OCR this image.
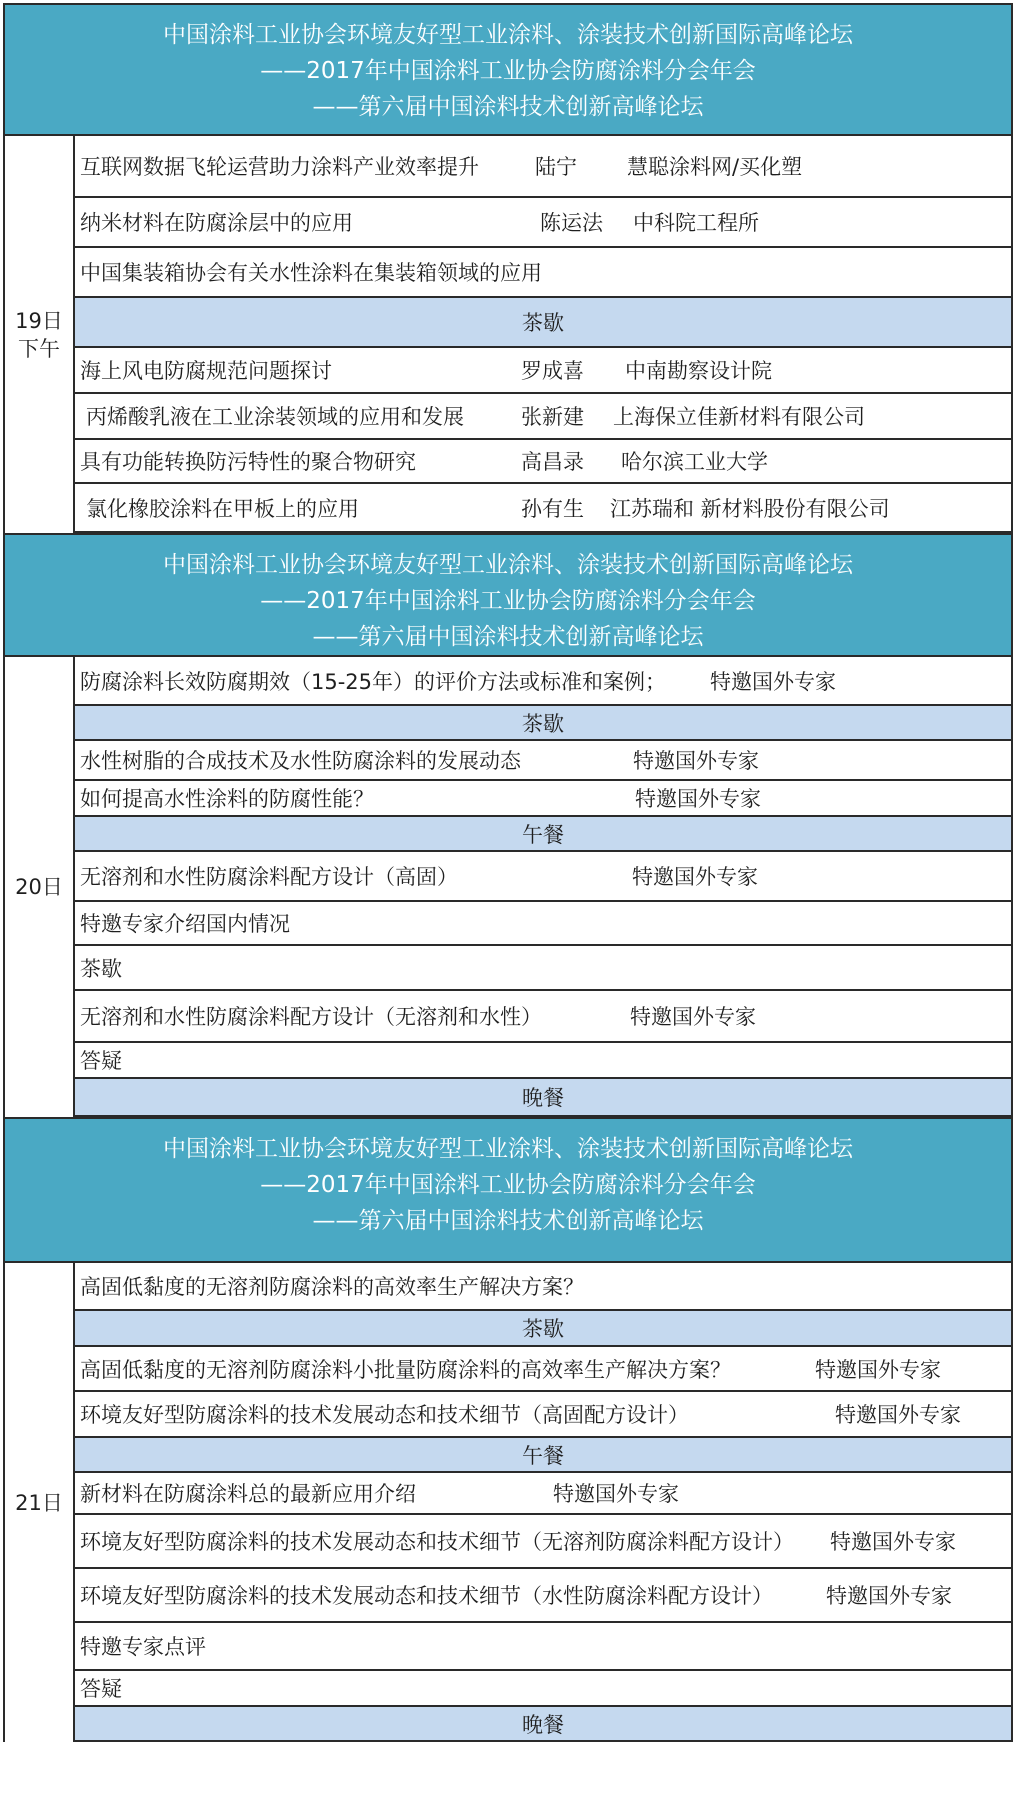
中国涂料工业协会环境友好型工业涂料、涂装技术创新国际高峰论坛
——2017年中国涂料工业协会防腐涂料分会年会
——第六届中国涂料技术创新高峰论坛
19日
下午
互联网数据飞轮运营助力涂料产业效率提升	陆宁 慧聪涂料网/买化塑
纳米材料在防腐涂层中的应用	陈运法 中科院工程所
中国集装箱协会有关水性涂料在集装箱领域的应用
茶歇
海上风电防腐规范问题探讨	罗成喜 中南勘察设计院
丙烯酸乳液在工业涂装领域的应用和发展	张新建 上海保立佳新材料有限公司
具有功能转换防污特性的聚合物研究	高昌录 哈尔滨工业大学
氯化橡胶涂料在甲板上的应用	孙有生 江苏瑞和 新材料股份有限公司
中国涂料工业协会环境友好型工业涂料、涂装技术创新国际高峰论坛
——2017年中国涂料工业协会防腐涂料分会年会
——第六届中国涂料技术创新高峰论坛
20日
防腐涂料长效防腐期效（15-25年）的评价方法或标准和案例； 特邀国外专家
茶歇
水性树脂的合成技术及水性防腐涂料的发展动态	特邀国外专家
如何提高水性涂料的防腐性能？	特邀国外专家
午餐
无溶剂和水性防腐涂料配方设计（高固）	特邀国外专家
特邀专家介绍国内情况
茶歇
无溶剂和水性防腐涂料配方设计（无溶剂和水性）	特邀国外专家
答疑
晚餐
中国涂料工业协会环境友好型工业涂料、涂装技术创新国际高峰论坛
——2017年中国涂料工业协会防腐涂料分会年会
——第六届中国涂料技术创新高峰论坛
21日
高固低黏度的无溶剂防腐涂料的高效率生产解决方案？
茶歇
高固低黏度的无溶剂防腐涂料小批量防腐涂料的高效率生产解决方案？	特邀国外专家
环境友好型防腐涂料的技术发展动态和技术细节（高固配方设计）	特邀国外专家
午餐
新材料在防腐涂料总的最新应用介绍	特邀国外专家
环境友好型防腐涂料的技术发展动态和技术细节（无溶剂防腐涂料配方设计） 特邀国外专家
环境友好型防腐涂料的技术发展动态和技术细节（水性防腐涂料配方设计）	特邀国外专家
特邀专家点评
答疑
晚餐
